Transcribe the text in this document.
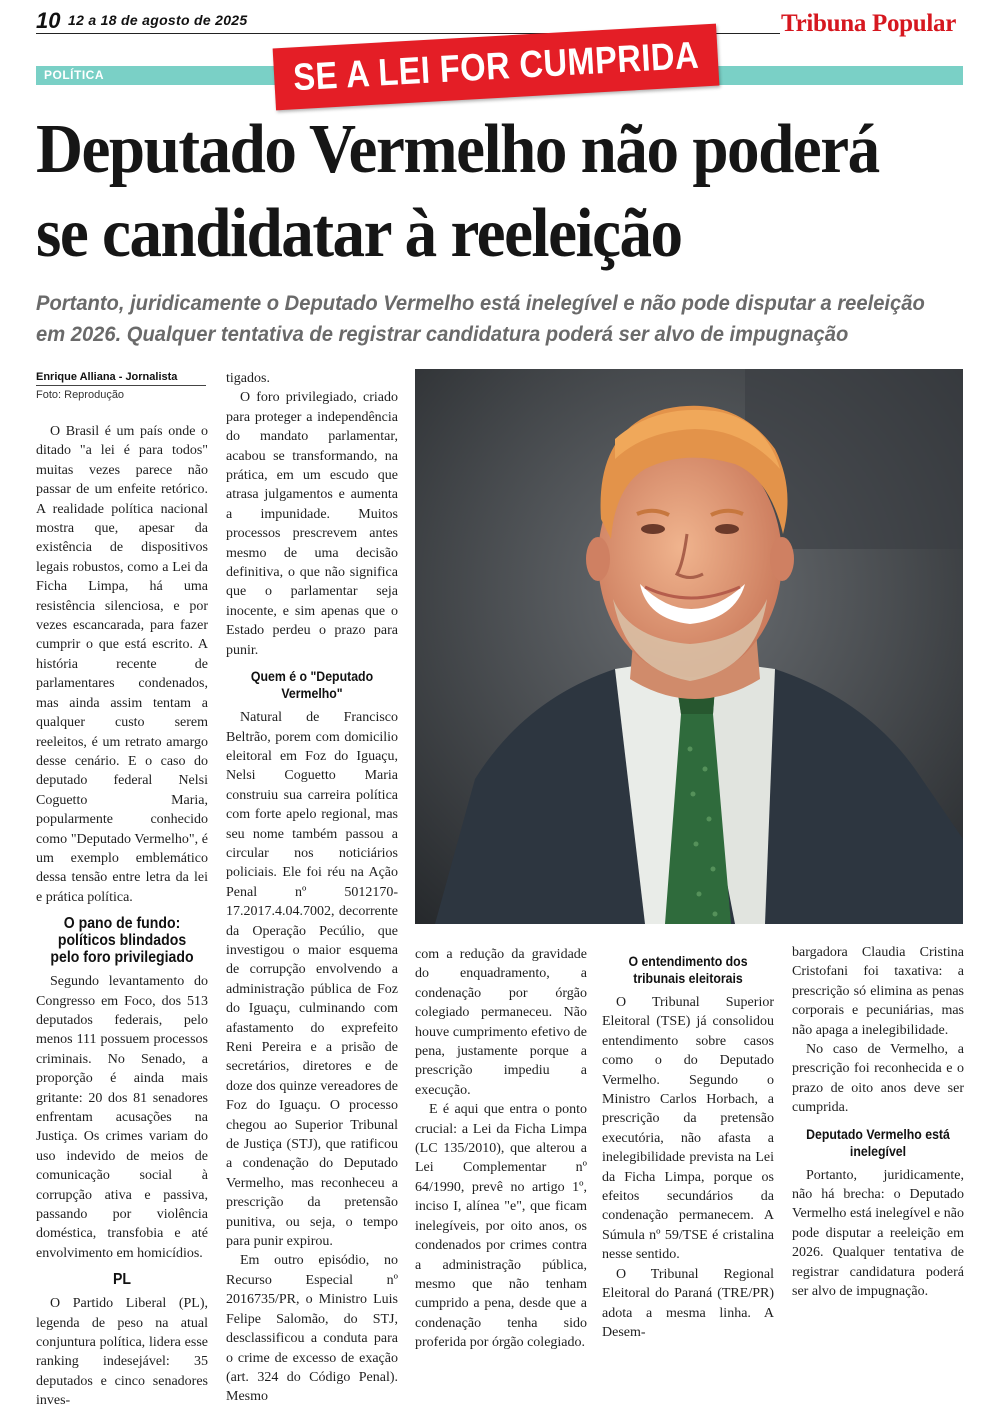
10 12 a 18 de agosto de 2025	Tribuna Popular
POLÍTICA	SE A LEI FOR CUMPRIDA
Deputado Vermelho não poderá se candidatar à reeleição

Portanto, juridicamente o Deputado Vermelho está inelegível e não pode disputar a reeleição em 2026. Qualquer tentativa de registrar candidatura poderá ser alvo de impugnação

Enrique Alliana - Jornalista
Foto: Reprodução

O Brasil é um país onde o ditado "a lei é para todos" muitas vezes parece não passar de um enfeite retórico. A realidade política nacional mostra que, apesar da existência de dispositivos legais robustos, como a Lei da Ficha Limpa, há uma resistência silenciosa, e por vezes escancarada, para fazer cumprir o que está escrito. A história recente de parlamentares condenados, mas ainda assim tentam a qualquer custo serem reeleitos, é um retrato amargo desse cenário. E o caso do deputado federal Nelsi Coguetto Maria, popularmente conhecido como "Deputado Vermelho", é um exemplo emblemático dessa tensão entre letra da lei e prática política.

O pano de fundo: políticos blindados pelo foro privilegiado

Segundo levantamento do Congresso em Foco, dos 513 deputados federais, pelo menos 111 possuem processos criminais. No Senado, a proporção é ainda mais gritante: 20 dos 81 senadores enfrentam acusações na Justiça. Os crimes variam do uso indevido de meios de comunicação social à corrupção ativa e passiva, passando por violência doméstica, transfobia e até envolvimento em homicídios.

PL

O Partido Liberal (PL), legenda de peso na atual conjuntura política, lidera esse ranking indesejável: 35 deputados e cinco senadores inves-

tigados.

O foro privilegiado, criado para proteger a independência do mandato parlamentar, acabou se transformando, na prática, em um escudo que atrasa julgamentos e aumenta a impunidade. Muitos processos prescrevem antes mesmo de uma decisão definitiva, o que não significa que o parlamentar seja inocente, e sim apenas que o Estado perdeu o prazo para punir.

Quem é o "Deputado Vermelho"

Natural de Francisco Beltrão, porem com domicilio eleitoral em Foz do Iguaçu, Nelsi Coguetto Maria construiu sua carreira política com forte apelo regional, mas seu nome também passou a circular nos noticiários policiais. Ele foi réu na Ação Penal nº 5012170-17.2017.4.04.7002, decorrente da Operação Pecúlio, que investigou o maior esquema de corrupção envolvendo a administração pública de Foz do Iguaçu, culminando com afastamento do exprefeito Reni Pereira e a prisão de secretários, diretores e de doze dos quinze vereadores de Foz do Iguaçu. O processo chegou ao Superior Tribunal de Justiça (STJ), que ratificou a condenação do Deputado Vermelho, mas reconheceu a prescrição da pretensão punitiva, ou seja, o tempo para punir expirou.

Em outro episódio, no Recurso Especial nº 2016735/PR, o Ministro Luis Felipe Salomão, do STJ, desclassificou a conduta para o crime de excesso de exação (art. 324 do Código Penal). Mesmo

com a redução da gravidade do enquadramento, a condenação por órgão colegiado permaneceu. Não houve cumprimento efetivo de pena, justamente porque a prescrição impediu a execução.

E é aqui que entra o ponto crucial: a Lei da Ficha Limpa (LC 135/2010), que alterou a Lei Complementar nº 64/1990, prevê no artigo 1º, inciso I, alínea "e", que ficam inelegíveis, por oito anos, os condenados por crimes contra a administração pública, mesmo que não tenham cumprido a pena, desde que a condenação tenha sido proferida por órgão colegiado.

O entendimento dos tribunais eleitorais

O Tribunal Superior Eleitoral (TSE) já consolidou entendimento sobre casos como o do Deputado Vermelho. Segundo o Ministro Carlos Horbach, a prescrição da pretensão executória, não afasta a inelegibilidade prevista na Lei da Ficha Limpa, porque os efeitos secundários da condenação permanecem. A Súmula nº 59/TSE é cristalina nesse sentido.

O Tribunal Regional Eleitoral do Paraná (TRE/PR) adota a mesma linha. A Desem-

bargadora Claudia Cristina Cristofani foi taxativa: a prescrição só elimina as penas corporais e pecuniárias, mas não apaga a inelegibilidade.

No caso de Vermelho, a prescrição foi reconhecida e o prazo de oito anos deve ser cumprida.

Deputado Vermelho está inelegível

Portanto, juridicamente, não há brecha: o Deputado Vermelho está inelegível e não pode disputar a reeleição em 2026. Qualquer tentativa de registrar candidatura poderá ser alvo de impugnação.
